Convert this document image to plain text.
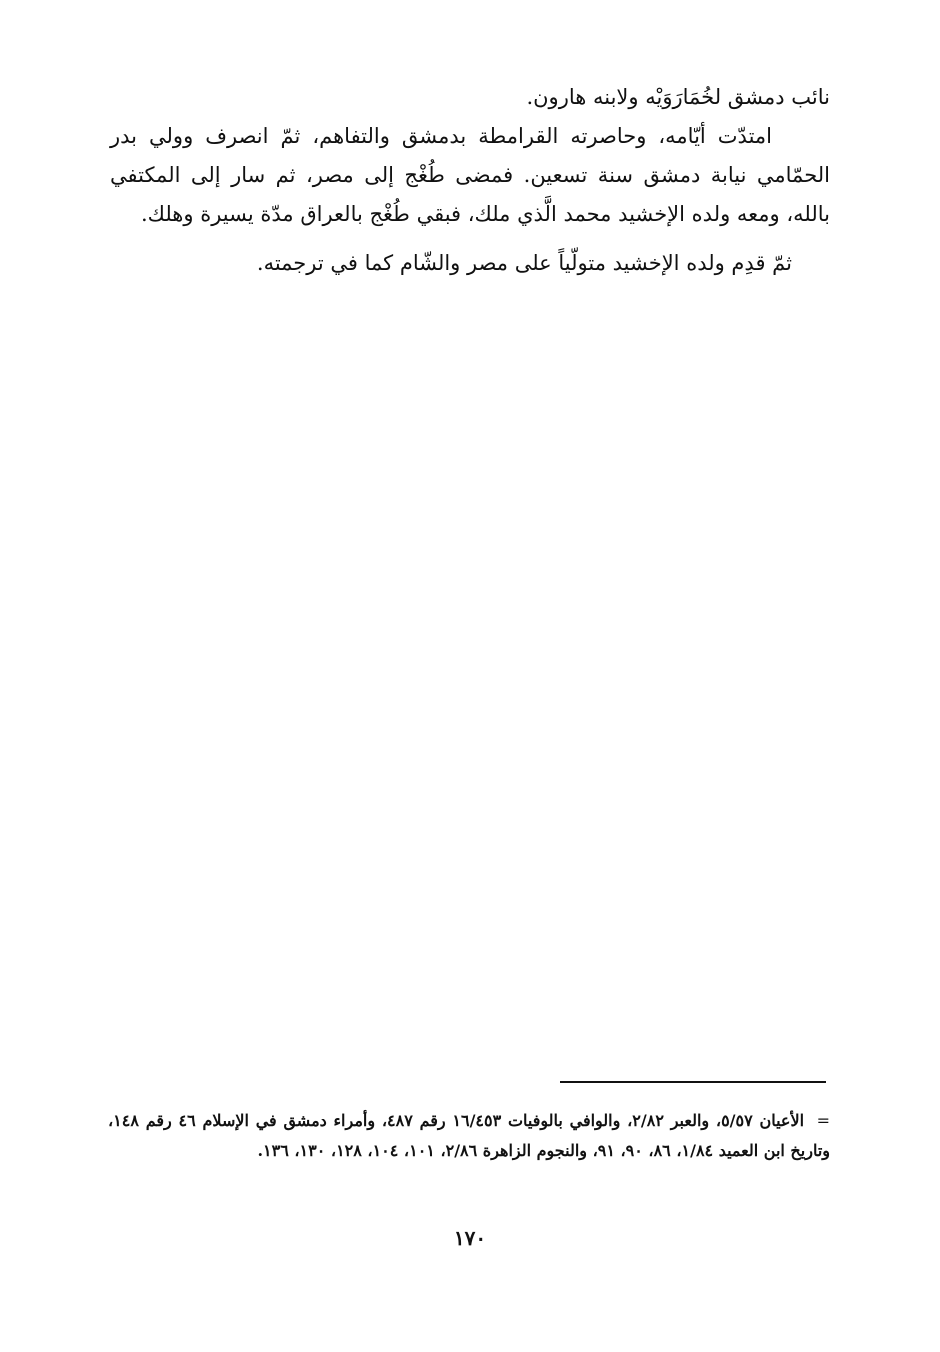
نائب دمشق لخُمَارَوَيْه ولابنه هارون.

امتدّت أيّامه، وحاصرته القرامطة بدمشق والتفاهم، ثمّ انصرف وولي بدر الحمّامي نيابة دمشق سنة تسعين. فمضى طُغْج إلى مصر، ثم سار إلى المكتفي بالله، ومعه ولده الإخشيد محمد الَّذي ملك، فبقي طُغْج بالعراق مدّة يسيرة وهلك.

ثمّ قدِم ولده الإخشيد متولّياً على مصر والشّام كما في ترجمته.

=الأعيان ٥/٥٧، والعبر ٢/٨٢، والوافي بالوفيات ١٦/٤٥٣ رقم ٤٨٧، وأمراء دمشق في الإسلام ٤٦ رقم ١٤٨، وتاريخ ابن العميد ١/٨٤، ٨٦، ٩٠، ٩١، والنجوم الزاهرة ٢/٨٦، ١٠١، ١٠٤، ١٢٨، ١٣٠، ١٣٦.
١٧٠
